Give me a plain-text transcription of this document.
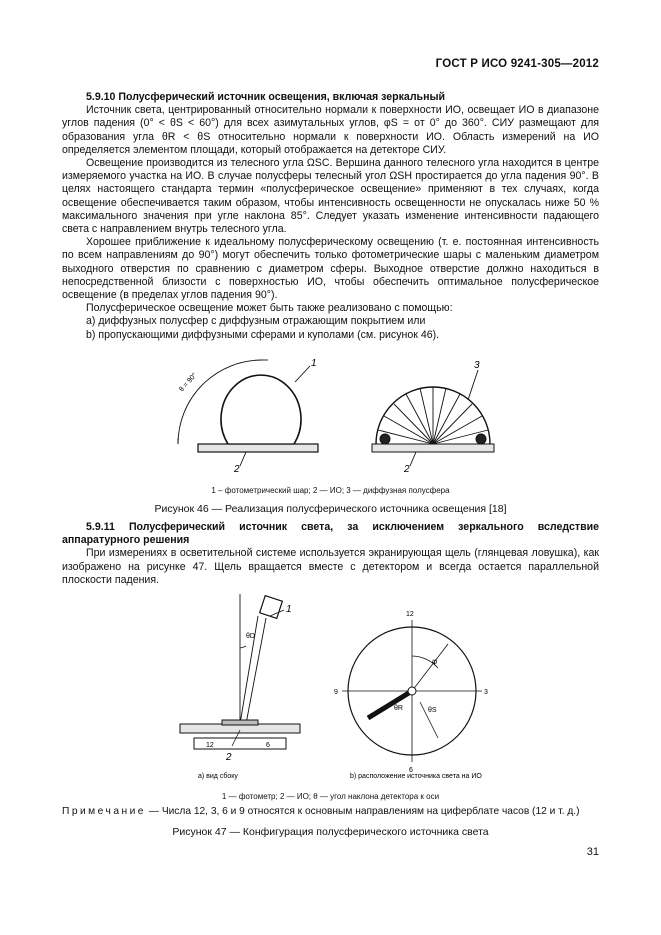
ГОСТ Р ИСО 9241-305—2012

5.9.10 Полусферический источник освещения, включая зеркальный

Источник света, центрированный относительно нормали к поверхности ИО, освещает ИО в диапазоне углов падения (0° < θS < 60°) для всех азимутальных углов, φS = от 0° до 360°. СИУ размещают для образования угла θR < θS относительно нормали к поверхности ИО. Область измерений на ИО определяется элементом площади, который отображается на детекторе СИУ.

Освещение производится из телесного угла ΩSC. Вершина данного телесного угла находится в центре измеряемого участка на ИО. В случае полусферы телесный угол ΩSH простирается до угла падения 90°. В целях настоящего стандарта термин «полусферическое освещение» применяют в тех случаях, когда освещение обеспечивается таким образом, чтобы интенсивность освещенности не опускалась ниже 50 % максимального значения при угле наклона 85°. Следует указать изменение интенсивности падающего света с направлением внутрь телесного угла.

Хорошее приближение к идеальному полусферическому освещению (т. е. постоянная интенсивность по всем направлениям до 90°) могут обеспечить только фотометрические шары с маленьким диаметром выходного отверстия по сравнению с диаметром сферы. Выходное отверстие должно находиться в непосредственной близости с поверхностью ИО, чтобы обеспечить оптимальное полусферическое освещение (в пределах углов падения 90°).

Полусферическое освещение может быть также реализовано с помощью:

a) диффузных полусфер с диффузным отражающим покрытием или

b) пропускающими диффузными сферами и куполами (см. рисунок 46).

θ = 90°
1
2
3
2
1 – фотометрический шар; 2 — ИО; 3 — диффузная полусфера
Рисунок 46 — Реализация полусферического источника освещения [18]

5.9.11 Полусферический источник света, за исключением зеркального вследствие аппаратурного решения

При измерениях в осветительной системе используется экранирующая щель (глянцевая ловушка), как изображено на рисунке 47. Щель вращается вместе с детектором и всегда остается параллельной плоскости падения.

1
θD
2
12	6
12
3
6
9
φ
θR	θS
а) вид сбоку	b) расположение источника света на ИО
1 — фотометр; 2 — ИО; θ — угол наклона детектора к оси
Примечание — Числа 12, 3, 6 и 9 относятся к основным направлениям на циферблате часов (12 и т. д.)
Рисунок 47 — Конфигурация полусферического источника света
31
